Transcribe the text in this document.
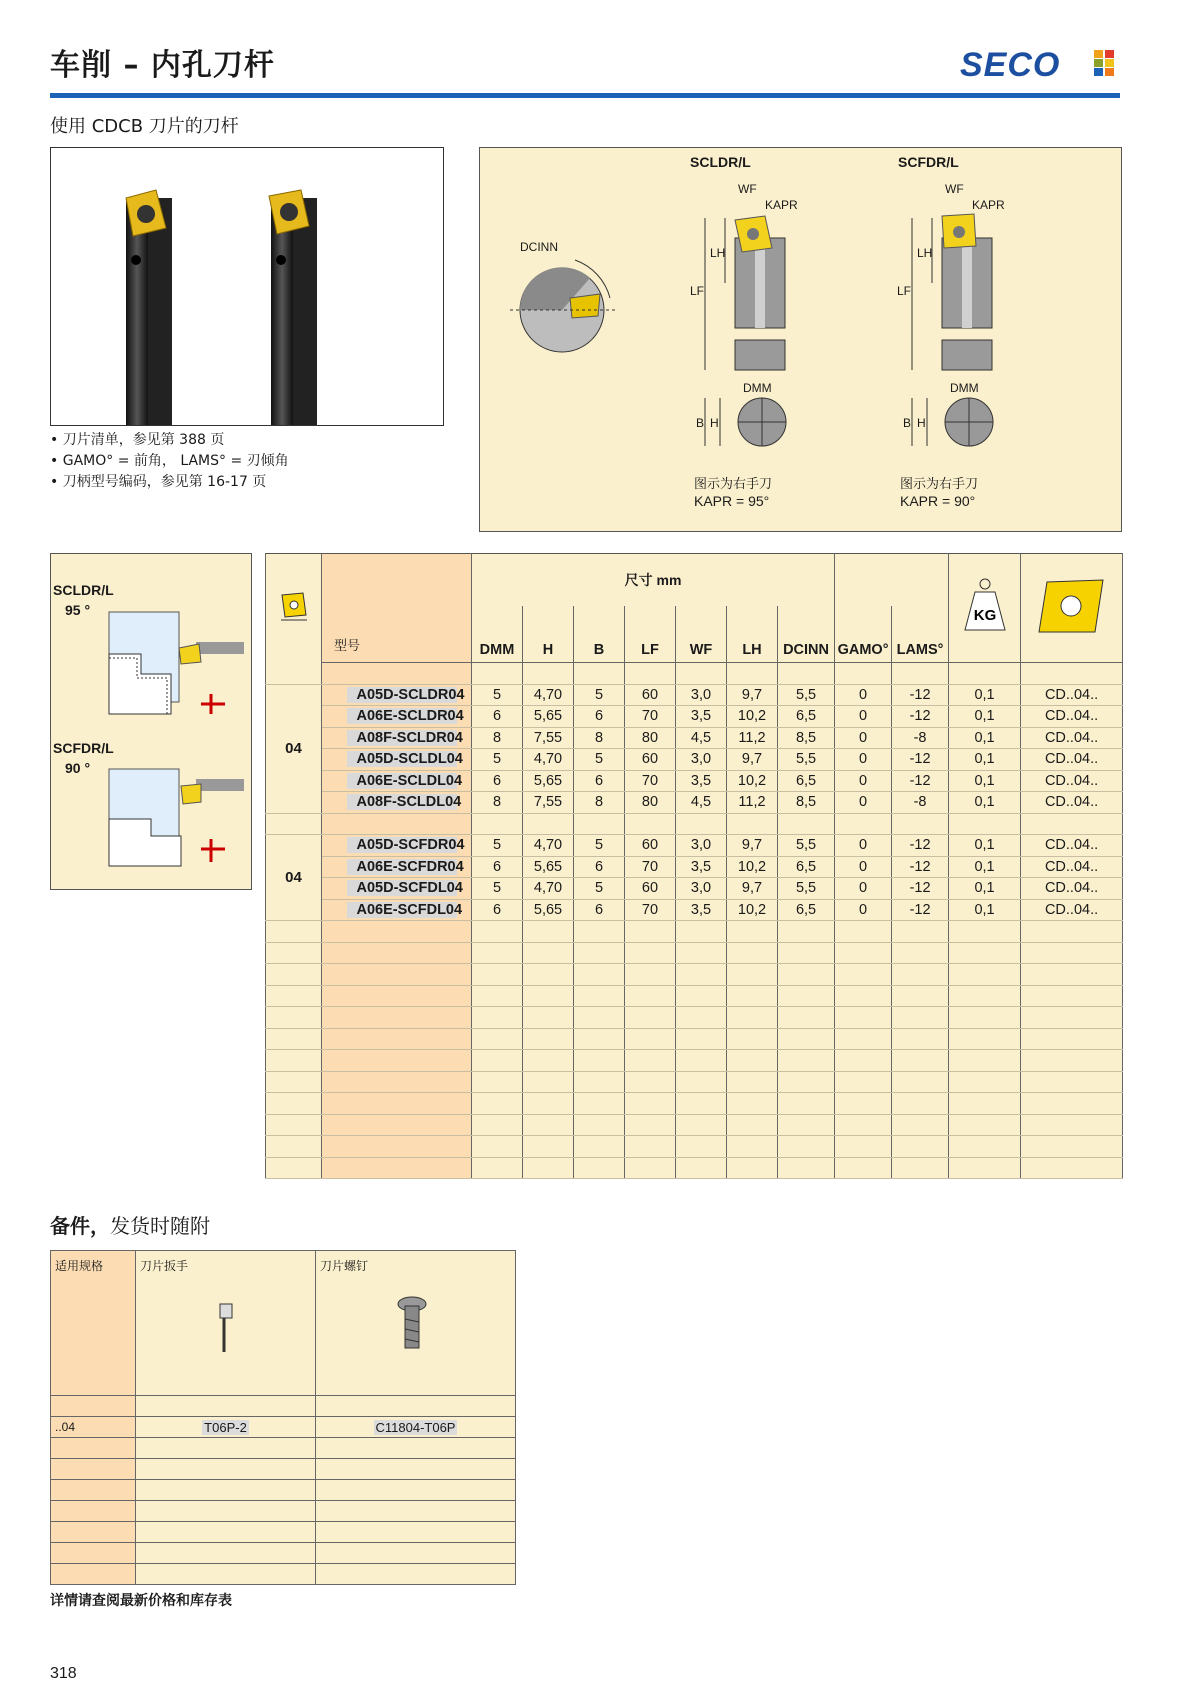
车削 – 内孔刀杆	SECO
使用 CDCB 刀片的刀杆
• 刀片清单，参见第 388 页
• GAMO° = 前角， LAMS° = 刃倾角
• 刀柄型号编码，参见第 16-17 页
SCLDR/L	SCFDR/L
DCINN
WF
KAPR
LH
LF
DMM
B H
WF
KAPR
LH
LF
DMM
B H
图示为右手刀
KAPR = 95°
图示为右手刀
KAPR = 90°
SCLDR/L
95 °
SCFDR/L
90 °
	型号	尺寸 mm									KG

		DMM	H	B	LF	WF	LH	DCINN	GAMO°	LAMS°		

04	A05D-SCLDR04	5	4,70	5	60	3,0	9,7	5,5	0	-12	0,1	CD..04..
	A06E-SCLDR04	6	5,65	6	70	3,5	10,2	6,5	0	-12	0,1	CD..04..
	A08F-SCLDR04	8	7,55	8	80	4,5	11,2	8,5	0	-8	0,1	CD..04..
	A05D-SCLDL04	5	4,70	5	60	3,0	9,7	5,5	0	-12	0,1	CD..04..
	A06E-SCLDL04	6	5,65	6	70	3,5	10,2	6,5	0	-12	0,1	CD..04..
	A08F-SCLDL04	8	7,55	8	80	4,5	11,2	8,5	0	-8	0,1	CD..04..

04	A05D-SCFDR04	5	4,70	5	60	3,0	9,7	5,5	0	-12	0,1	CD..04..
	A06E-SCFDR04	6	5,65	6	70	3,5	10,2	6,5	0	-12	0,1	CD..04..
	A05D-SCFDL04	5	4,70	5	60	3,0	9,7	5,5	0	-12	0,1	CD..04..
	A06E-SCFDL04	6	5,65	6	70	3,5	10,2	6,5	0	-12	0,1	CD..04..

备件，发货时随附
适用规格	刀片扳手	刀片螺钉

..04	T06P-2	C11804-T06P

详情请查阅最新价格和库存表
318
